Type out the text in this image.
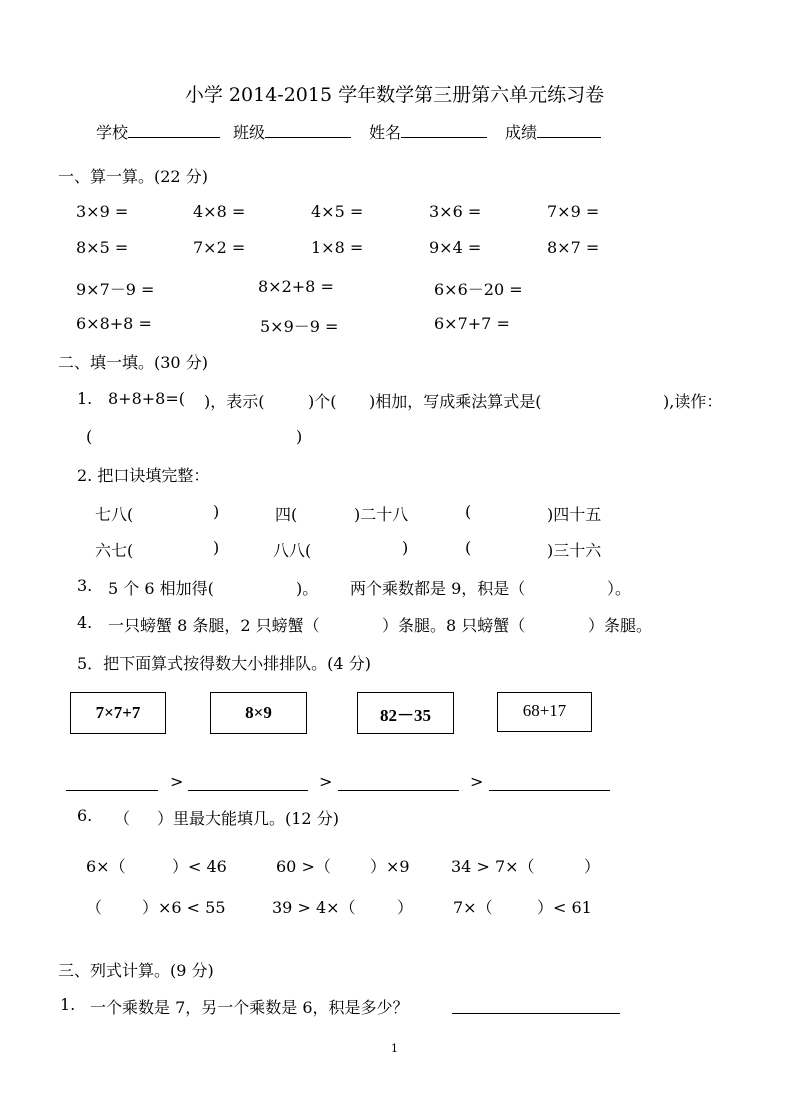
小学 2014-2015 学年数学第三册第六单元练习卷
学校	班级	姓名	成绩
一、算一算。(22 分)
3×9 =	4×8 =	4×5 =	3×6 =	7×9 =
8×5 =	7×2 =	1×8 =	9×4 =	8×7 =
9×7－9 =	8×2+8 =	6×6－20 =
6×8+8 =	5×9－9 =	6×7+7 =
二、填一填。(30 分)
1. 8+8+8=( )，表示(	)个( )相加，写成乘法算式是(	),读作：
(	)
2. 把口诀填完整：
七八(	)	四(	)二十八	(	)四十五
六七(	)	八八(	)	(	)三十六
3. 5 个 6 相加得(	)。 两个乘数都是 9，积是（	）。
4. 一只螃蟹 8 条腿，2 只螃蟹（	）条腿。8 只螃蟹（	）条腿。
5．把下面算式按得数大小排排队。(4 分)
7×7+7	8×9	82－35	68+17
>	>	>
6. （ ）里最大能填几。(12 分)
6×（	）< 46	60 >（ ）×9	34 > 7×（	）
（ ）×6 < 55	39 > 4×（	） 7×（	）< 61
三、列式计算。(9 分)
1. 一个乘数是 7，另一个乘数是 6，积是多少？
1
